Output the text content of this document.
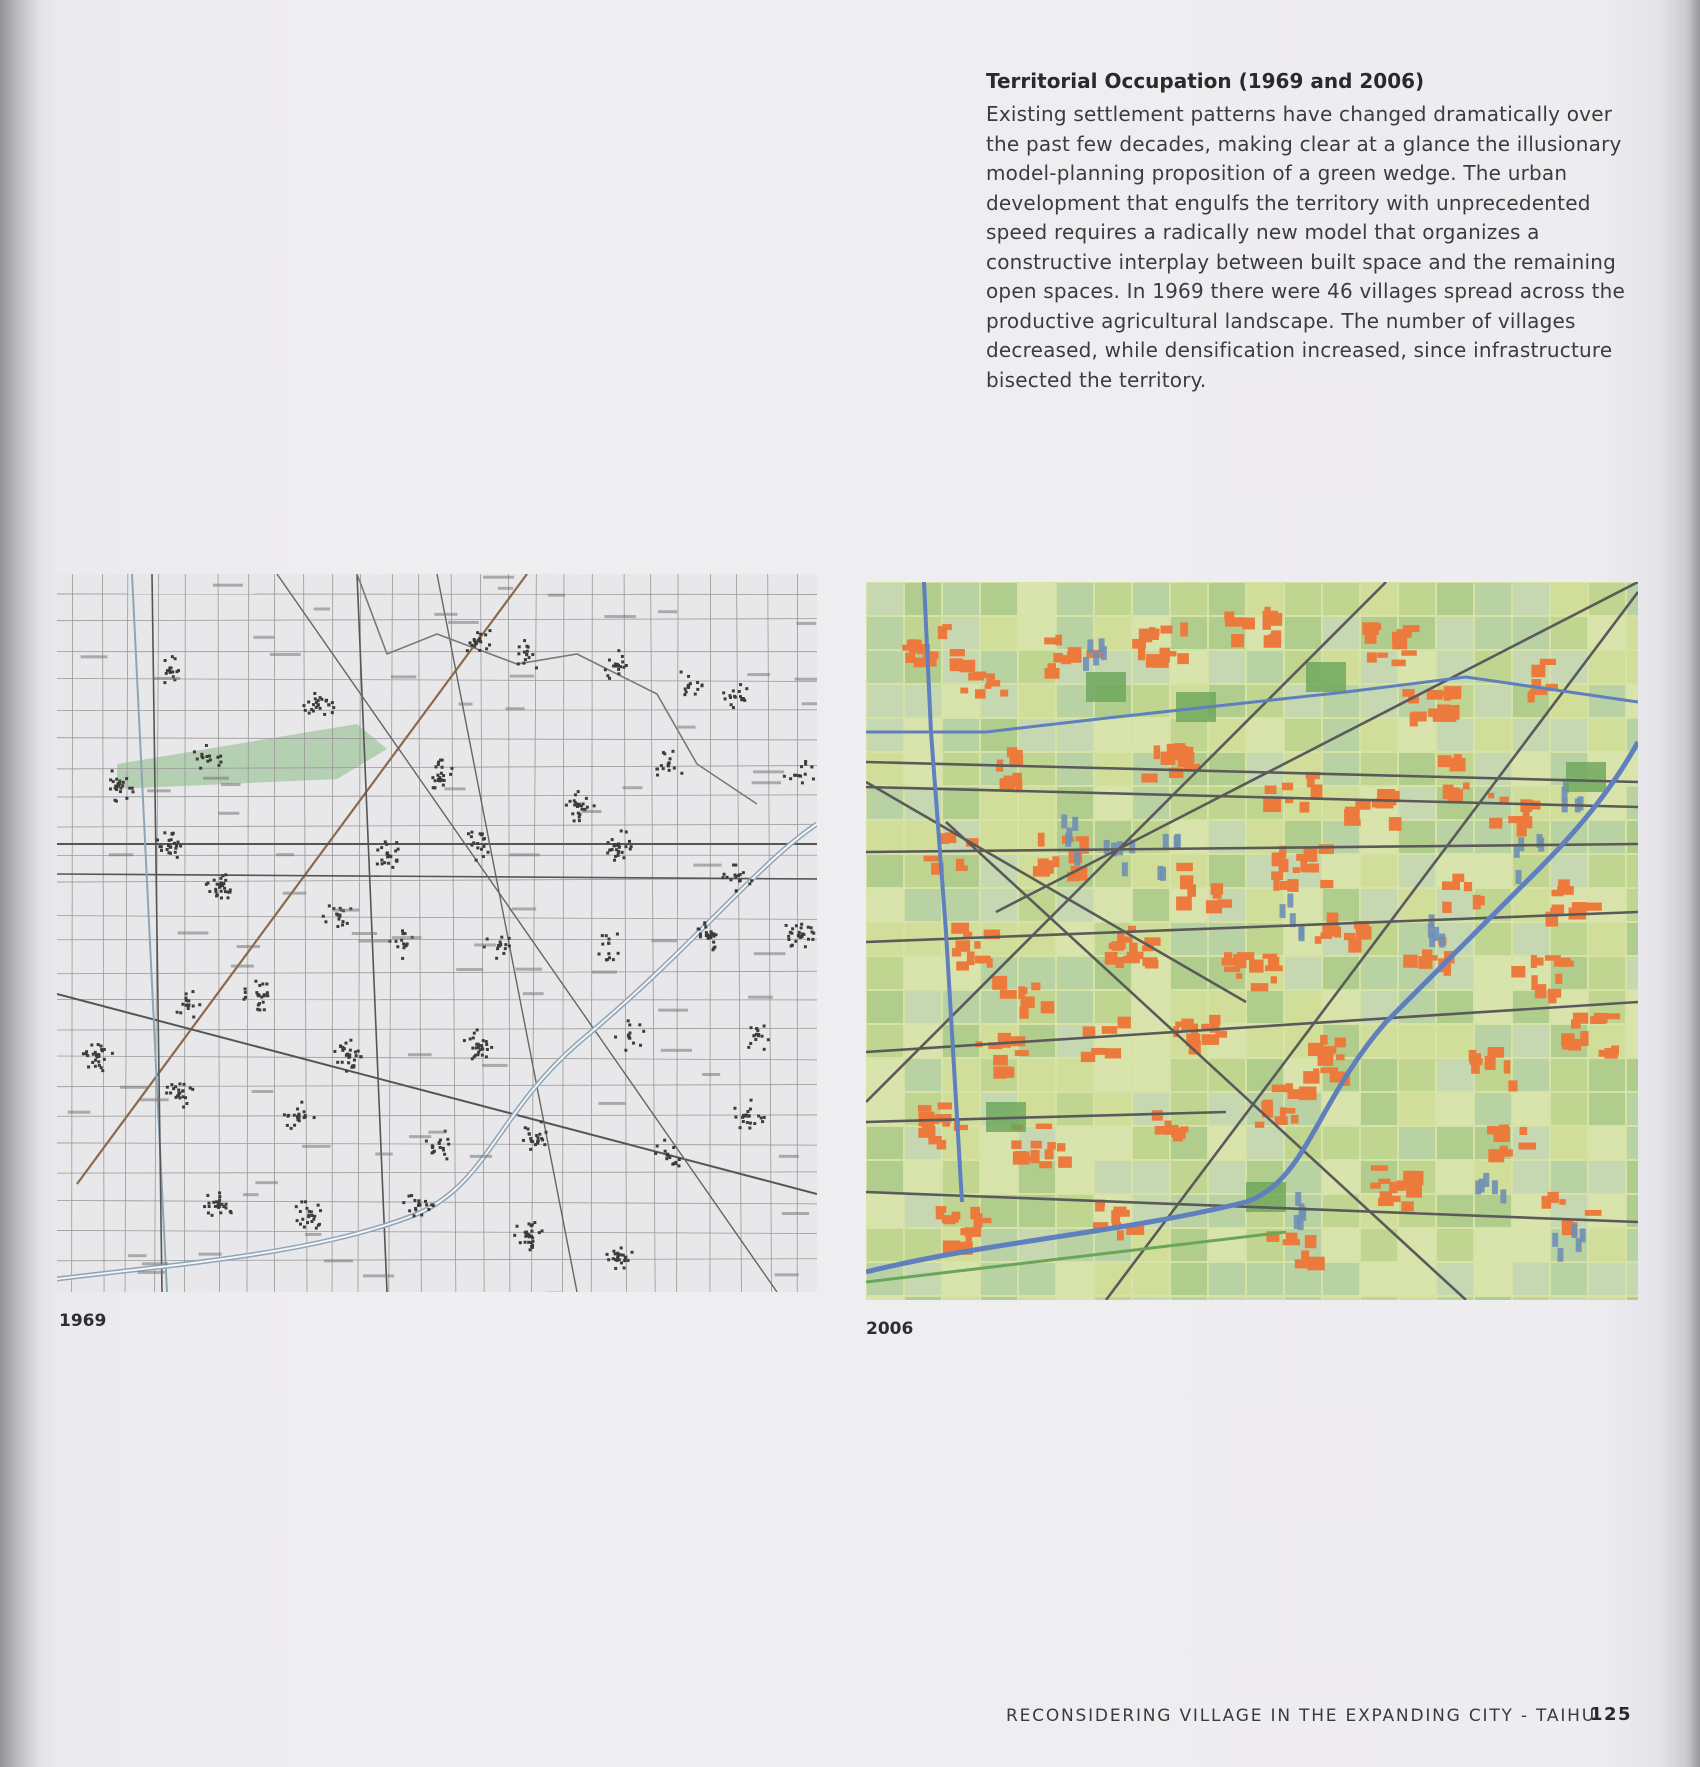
Territorial Occupation (1969 and 2006)

Existing settlement patterns have changed dramatically over the past few decades, making clear at a glance the illusionary model-planning proposition of a green wedge. The urban development that engulfs the territory with unprecedented speed requires a radically new model that organizes a constructive interplay between built space and the remaining open spaces. In 1969 there were 46 villages spread across the productive agricultural landscape. The number of villages decreased, while densification increased, since infrastructure bisected the territory.

1969	2006
RECONSIDERING VILLAGE IN THE EXPANDING CITY - TAIHU
125
